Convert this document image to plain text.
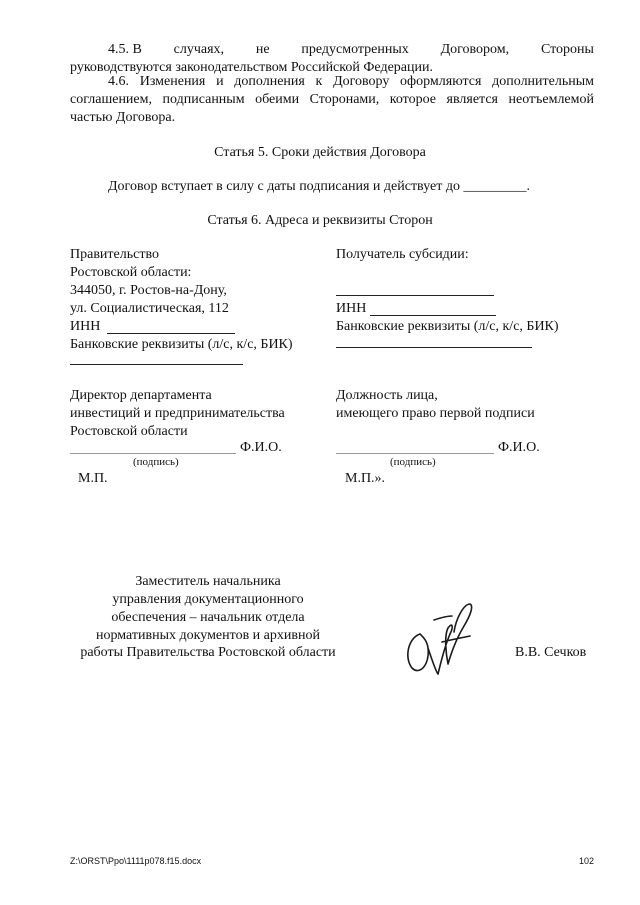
4.5. В случаях, не предусмотренных Договором, Стороны
руководствуются законодательством Российской Федерации.
4.6. Изменения и дополнения к Договору оформляются дополнительным соглашением, подписанным обеими Сторонами, которое является неотъемлемой частью Договора.
Статья 5. Сроки действия Договора
Договор вступает в силу с даты подписания и действует до _________.
Статья 6. Адреса и реквизиты Сторон
Правительство
Ростовской области:
344050, г. Ростов-на-Дону,
ул. Социалистическая, 112
ИНН
Банковские реквизиты (л/с, к/с, БИК)
Получатель субсидии:
ИНН
Банковские реквизиты (л/с, к/с, БИК)
Директор департамента
инвестиций и предпринимательства
Ростовской области
Ф.И.О.
(подпись)
М.П.
Должность лица,
имеющего право первой подписи
Ф.И.О.
(подпись)
М.П.».
Заместитель начальника
управления документационного
обеспечения – начальник отдела
нормативных документов и архивной
работы Правительства Ростовской области	В.В. Сечков
Z:\ORST\Ppo\1111p078.f15.docx	102
